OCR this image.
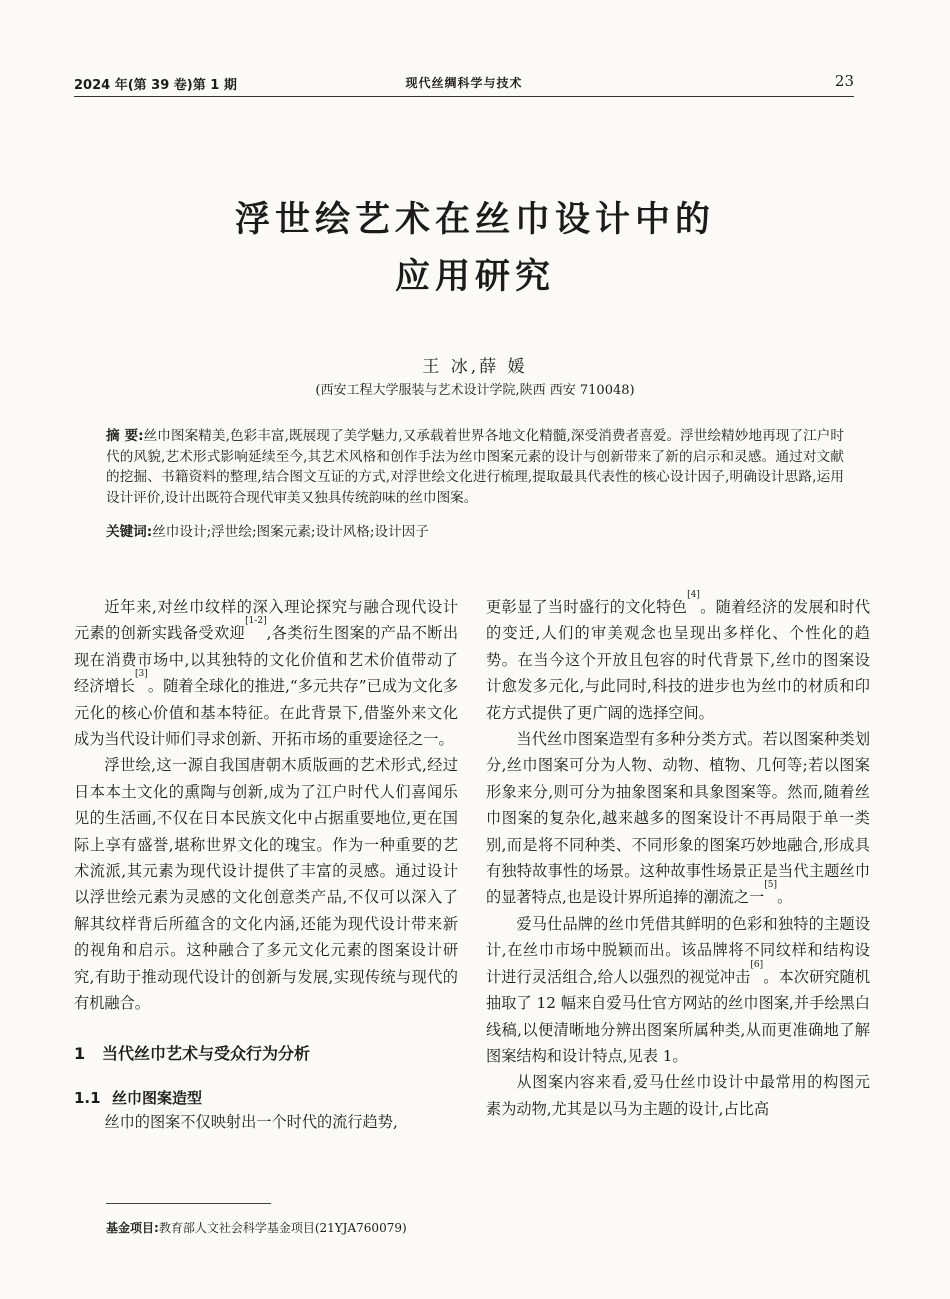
2024 年(第 39 卷)第 1 期	现代丝绸科学与技术	23
浮世绘艺术在丝巾设计中的
应用研究
王 冰,薛 媛
(西安工程大学服装与艺术设计学院,陕西 西安 710048)
摘 要:丝巾图案精美,色彩丰富,既展现了美学魅力,又承载着世界各地文化精髓,深受消费者喜爱。浮世绘精妙地再现了江户时代的风貌,艺术形式影响延续至今,其艺术风格和创作手法为丝巾图案元素的设计与创新带来了新的启示和灵感。通过对文献的挖掘、书籍资料的整理,结合图文互证的方式,对浮世绘文化进行梳理,提取最具代表性的核心设计因子,明确设计思路,运用设计评价,设计出既符合现代审美又独具传统韵味的丝巾图案。
关键词:丝巾设计;浮世绘;图案元素;设计风格;设计因子

近年来,对丝巾纹样的深入理论探究与融合现代设计元素的创新实践备受欢迎[1-2],各类衍生图案的产品不断出现在消费市场中,以其独特的文化价值和艺术价值带动了经济增长[3]。随着全球化的推进,“多元共存”已成为文化多元化的核心价值和基本特征。在此背景下,借鉴外来文化成为当代设计师们寻求创新、开拓市场的重要途径之一。

浮世绘,这一源自我国唐朝木质版画的艺术形式,经过日本本土文化的熏陶与创新,成为了江户时代人们喜闻乐见的生活画,不仅在日本民族文化中占据重要地位,更在国际上享有盛誉,堪称世界文化的瑰宝。作为一种重要的艺术流派,其元素为现代设计提供了丰富的灵感。通过设计以浮世绘元素为灵感的文化创意类产品,不仅可以深入了解其纹样背后所蕴含的文化内涵,还能为现代设计带来新的视角和启示。这种融合了多元文化元素的图案设计研究,有助于推动现代设计的创新与发展,实现传统与现代的有机融合。

1 当代丝巾艺术与受众行为分析
1.1 丝巾图案造型

丝巾的图案不仅映射出一个时代的流行趋势,

更彰显了当时盛行的文化特色[4]。随着经济的发展和时代的变迁,人们的审美观念也呈现出多样化、个性化的趋势。在当今这个开放且包容的时代背景下,丝巾的图案设计愈发多元化,与此同时,科技的进步也为丝巾的材质和印花方式提供了更广阔的选择空间。

当代丝巾图案造型有多种分类方式。若以图案种类划分,丝巾图案可分为人物、动物、植物、几何等;若以图案形象来分,则可分为抽象图案和具象图案等。然而,随着丝巾图案的复杂化,越来越多的图案设计不再局限于单一类别,而是将不同种类、不同形象的图案巧妙地融合,形成具有独特故事性的场景。这种故事性场景正是当代主题丝巾的显著特点,也是设计界所追捧的潮流之一[5]。

爱马仕品牌的丝巾凭借其鲜明的色彩和独特的主题设计,在丝巾市场中脱颖而出。该品牌将不同纹样和结构设计进行灵活组合,给人以强烈的视觉冲击[6]。本次研究随机抽取了 12 幅来自爱马仕官方网站的丝巾图案,并手绘黑白线稿,以便清晰地分辨出图案所属种类,从而更准确地了解图案结构和设计特点,见表 1。

从图案内容来看,爱马仕丝巾设计中最常用的构图元素为动物,尤其是以马为主题的设计,占比高

基金项目:教育部人文社会科学基金项目(21YJA760079)
